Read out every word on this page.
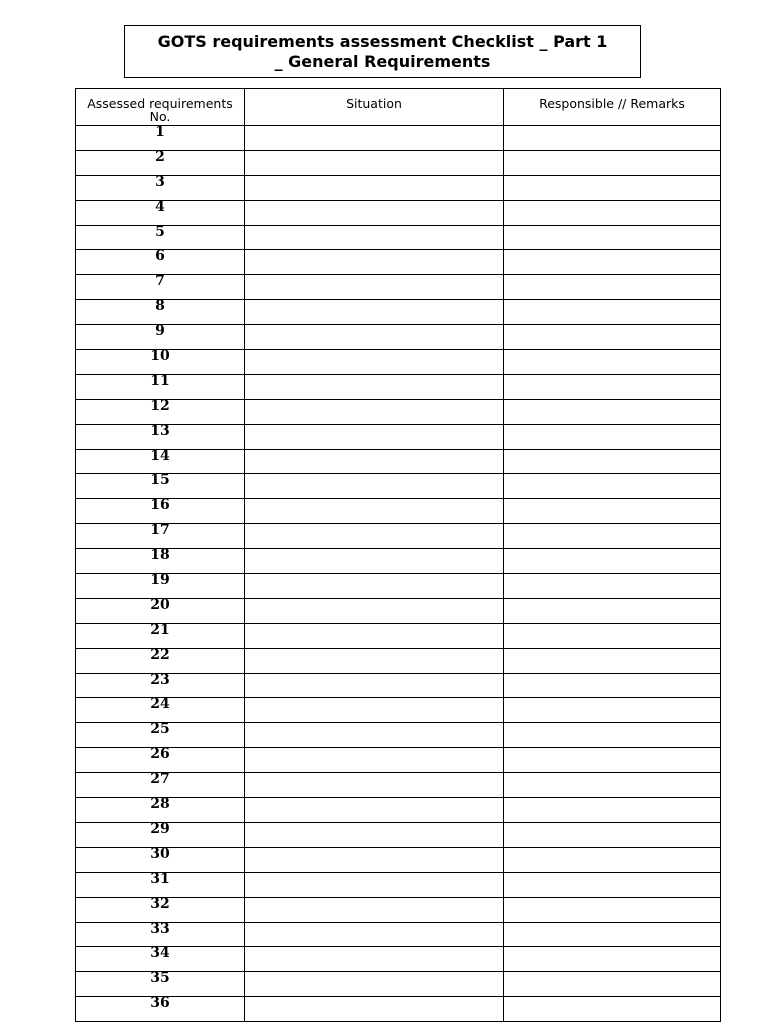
GOTS requirements assessment Checklist _ Part 1
_ General Requirements
Assessed requirements No.	Situation	Responsible // Remarks
1		
2		
3		
4		
5		
6		
7		
8		
9		
10		
11		
12		
13		
14		
15		
16		
17		
18		
19		
20		
21		
22		
23		
24		
25		
26		
27		
28		
29		
30		
31		
32		
33		
34		
35		
36		
